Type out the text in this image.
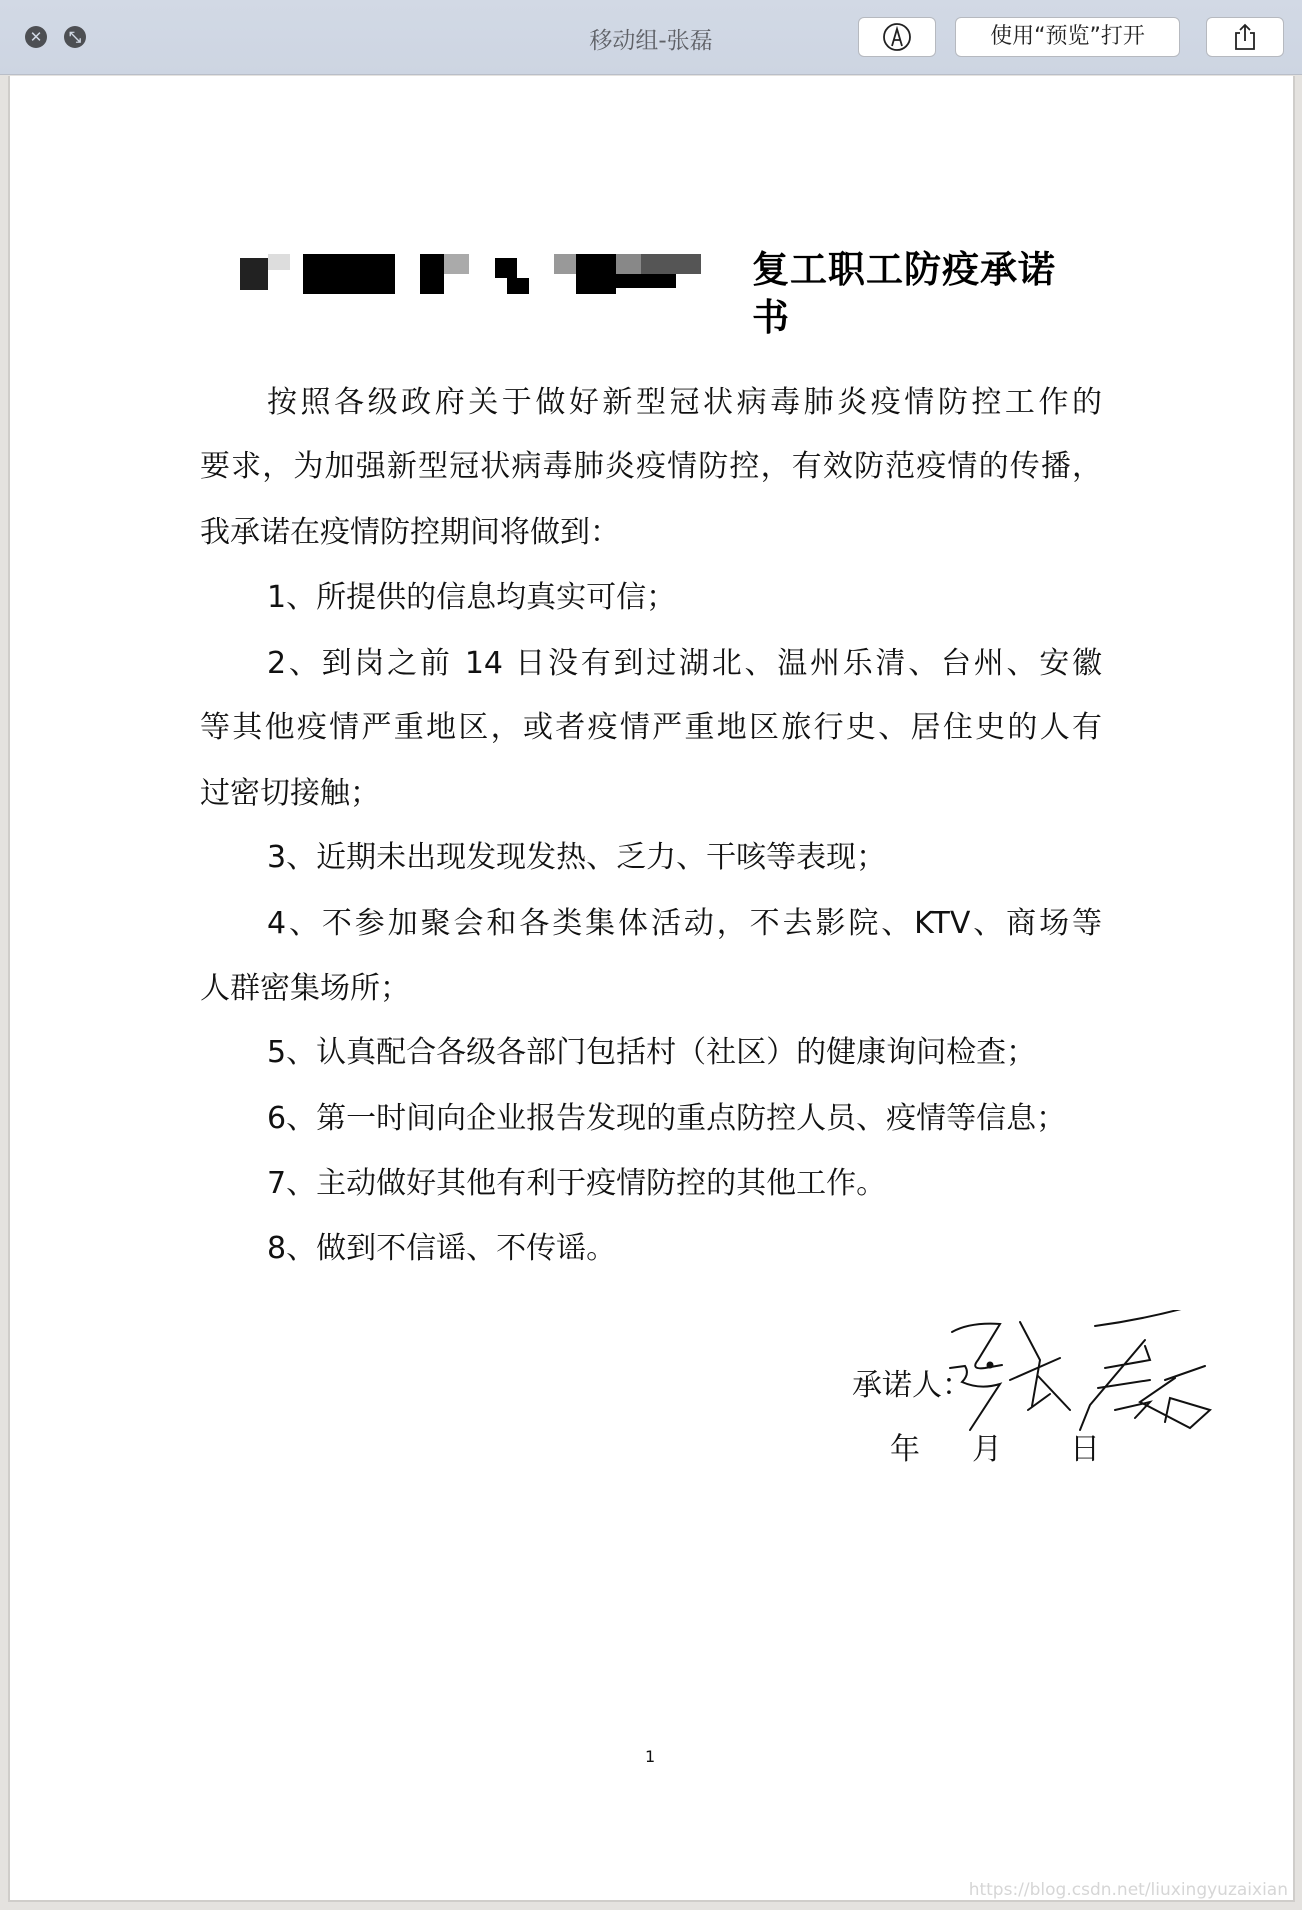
✕	⤡	移动组-张磊	使用“预览”打开
复工职工防疫承诺书
按照各级政府关于做好新型冠状病毒肺炎疫情防控工作的
要求，为加强新型冠状病毒肺炎疫情防控，有效防范疫情的传播，
我承诺在疫情防控期间将做到：
1、所提供的信息均真实可信；
2、到岗之前 14 日没有到过湖北、温州乐清、台州、安徽
等其他疫情严重地区，或者疫情严重地区旅行史、居住史的人有
过密切接触；
3、近期未出现发现发热、乏力、干咳等表现；
4、不参加聚会和各类集体活动，不去影院、KTV、商场等
人群密集场所；
5、认真配合各级各部门包括村（社区）的健康询问检查；
6、第一时间向企业报告发现的重点防控人员、疫情等信息；
7、主动做好其他有利于疫情防控的其他工作。
8、做到不信谣、不传谣。
承诺人：
年 月 日
1
https://blog.csdn.net/liuxingyuzaixian
